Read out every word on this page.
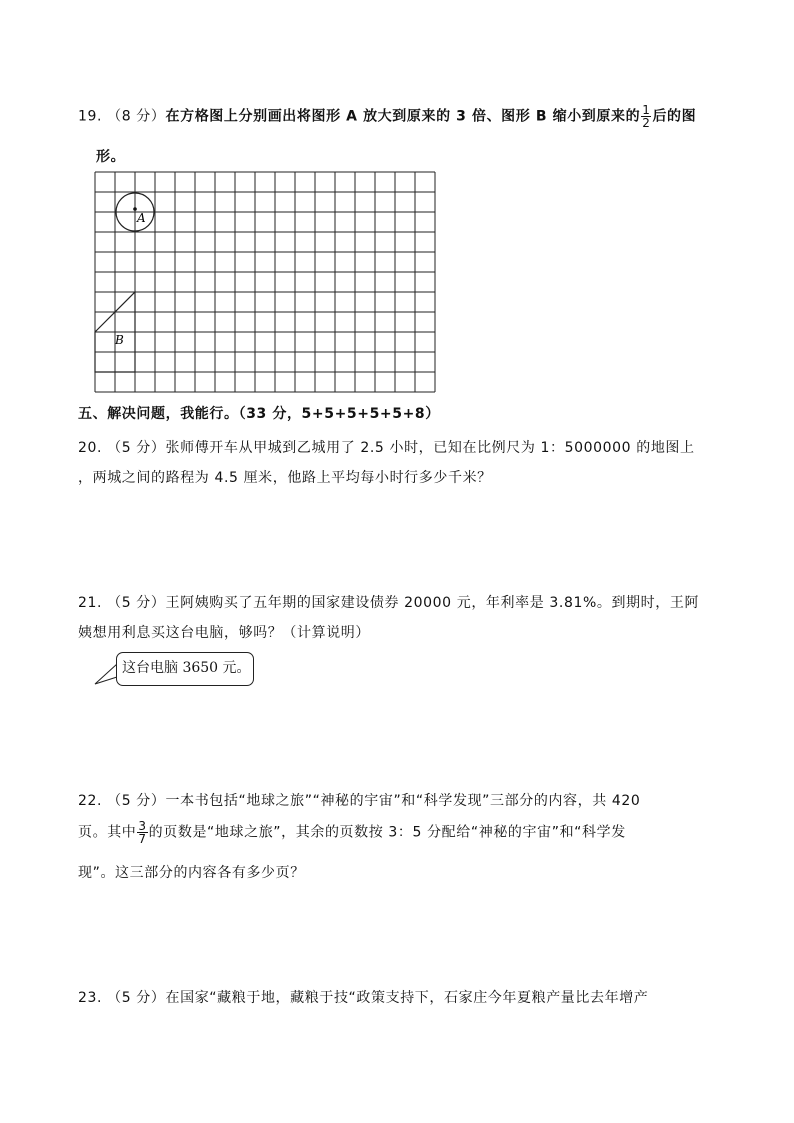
19. （8 分）在方格图上分别画出将图形 A 放大到原来的 3 倍、图形 B 缩小到原来的 $\frac{1}{2}$ 后的图
形。
A
B
五、解决问题，我能行。（33 分，5+5+5+5+5+8）
20. （5 分）张师傅开车从甲城到乙城用了 2.5 小时，已知在比例尺为 1：5000000 的地图上
，两城之间的路程为 4.5 厘米，他路上平均每小时行多少千米？
21. （5 分）王阿姨购买了五年期的国家建设债券 20000 元，年利率是 3.81%。到期时，王阿
姨想用利息买这台电脑，够吗？（计算说明）
这台电脑 3650 元。
22. （5 分）一本书包括“地球之旅”“神秘的宇宙”和“科学发现”三部分的内容，共 420
页。其中 $\frac{3}{7}$ 的页数是“地球之旅”，其余的页数按 3：5 分配给“神秘的宇宙”和“科学发
现”。这三部分的内容各有多少页？
23. （5 分）在国家“藏粮于地，藏粮于技“政策支持下，石家庄今年夏粮产量比去年增产
